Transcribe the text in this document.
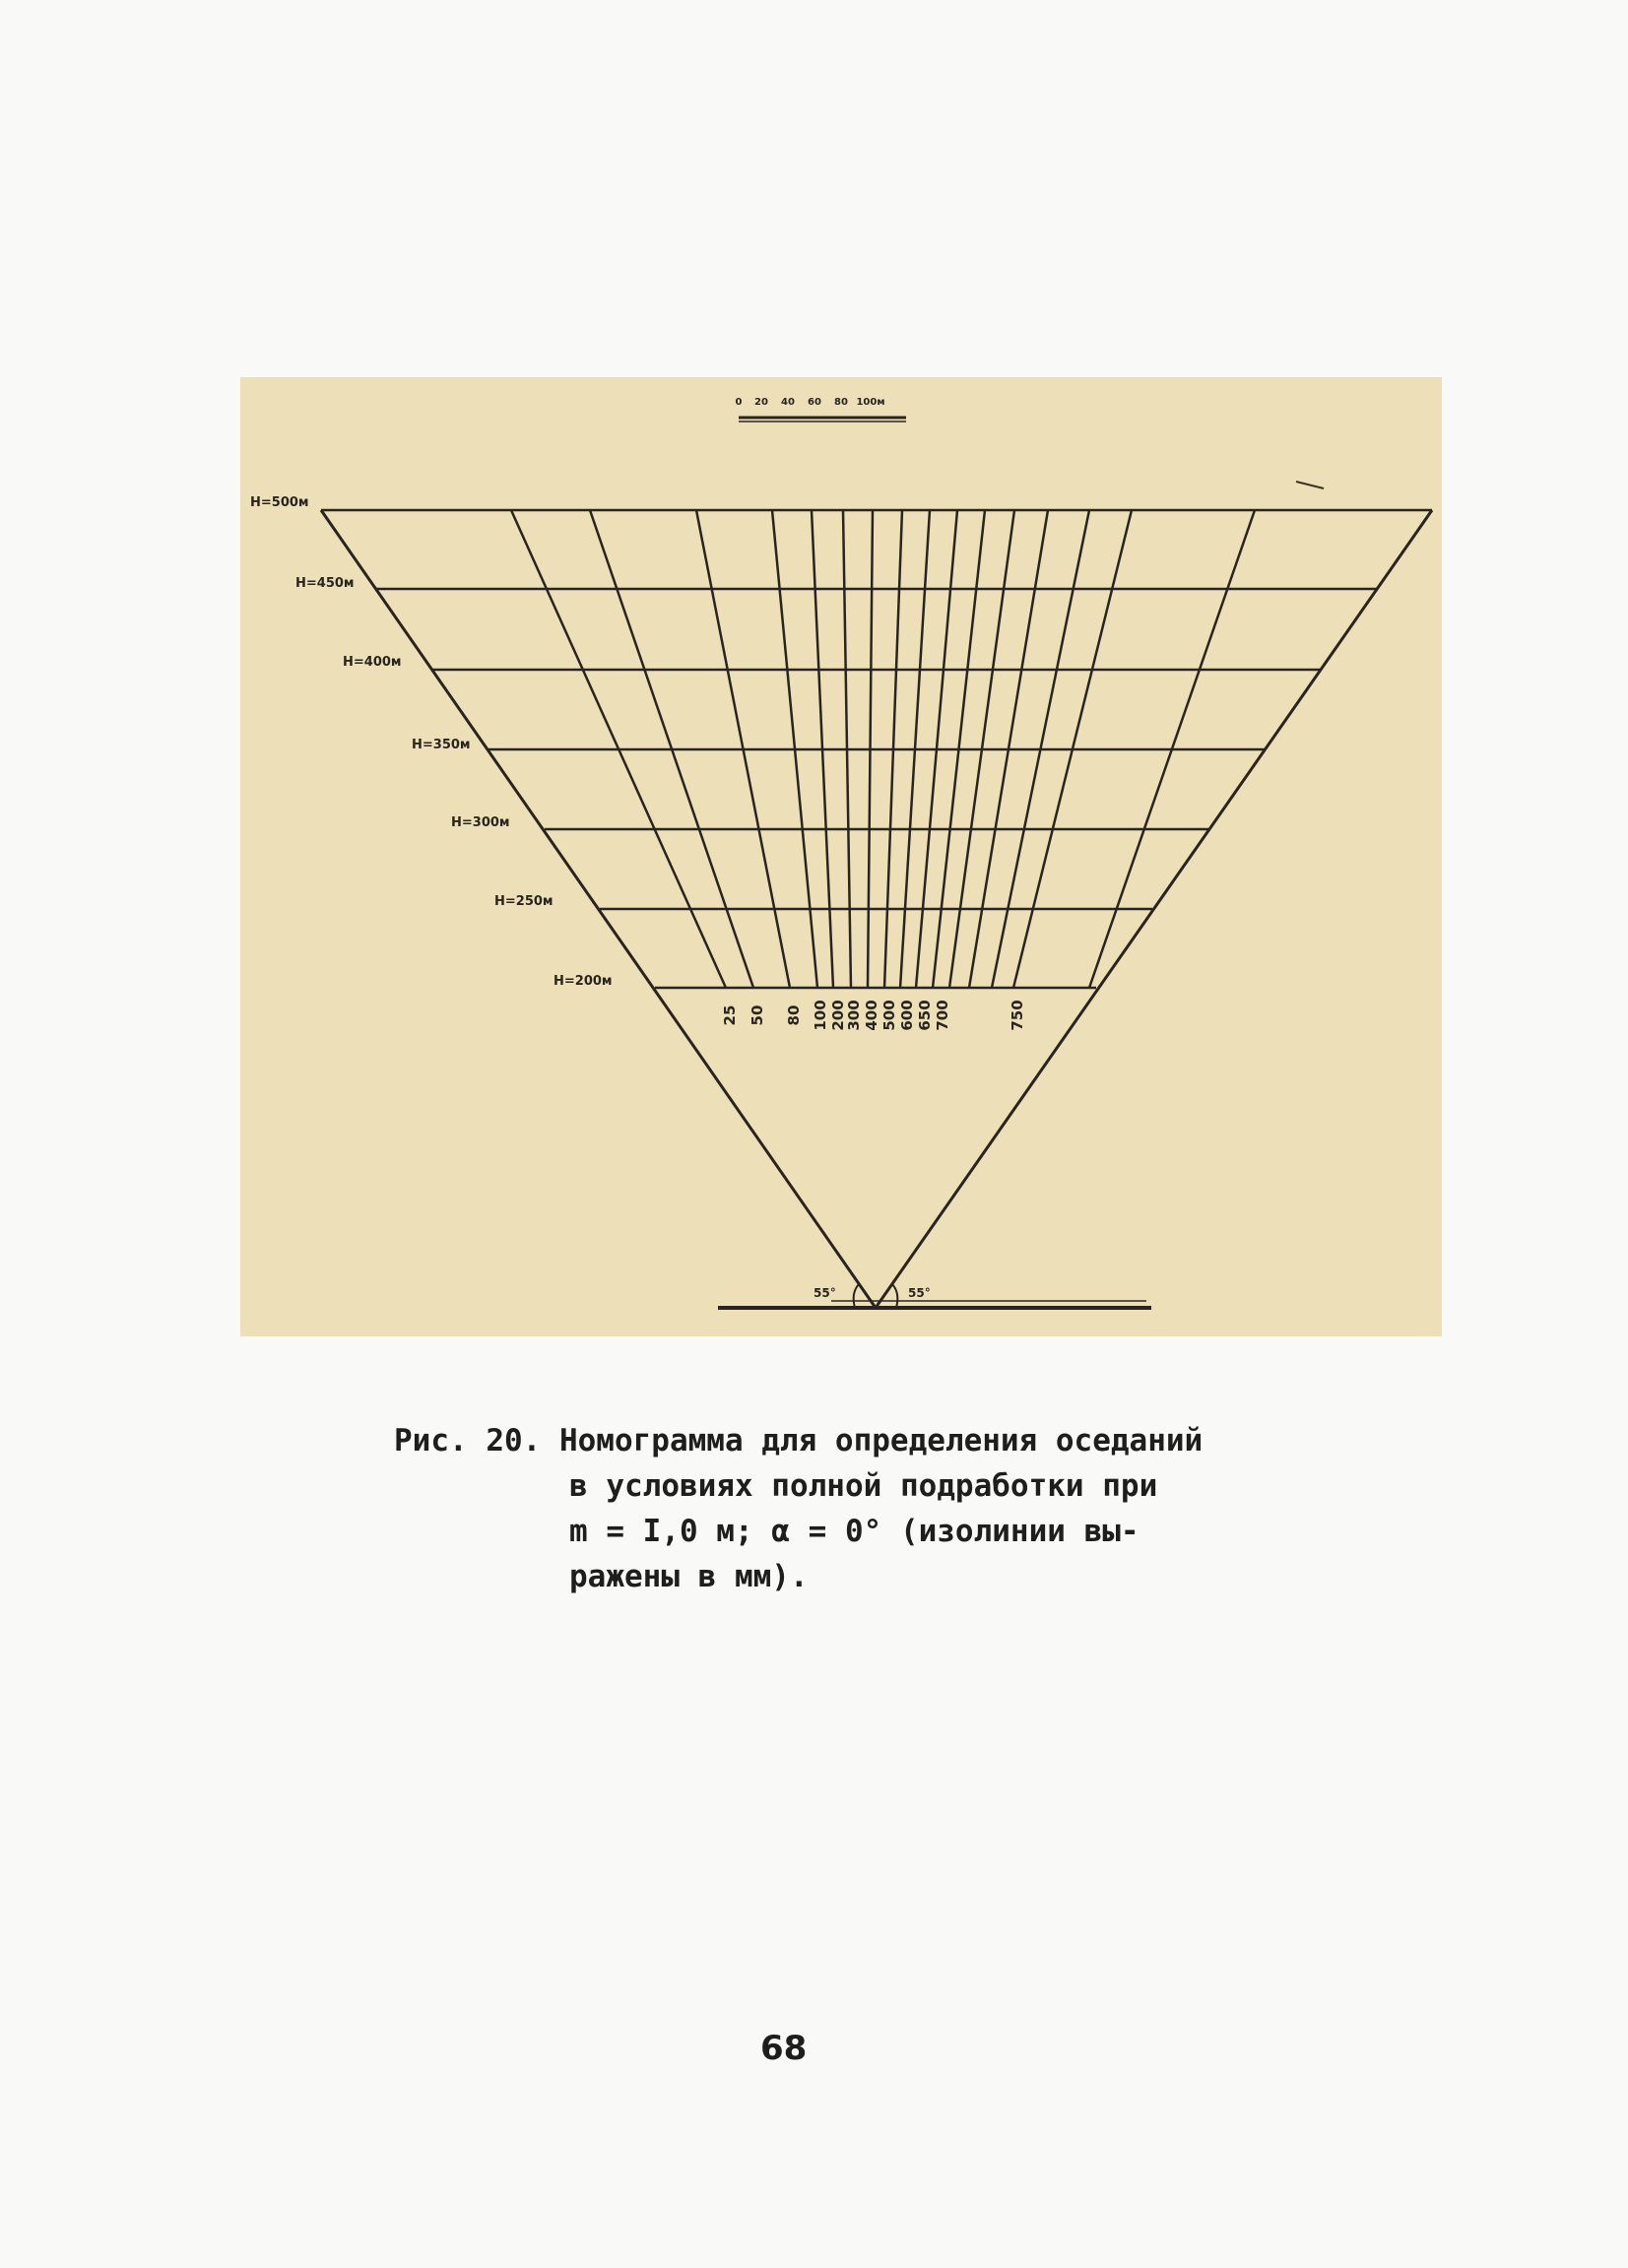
0 20 40 60 80 100м
H=500м
H=450м
H=400м
H=350м
H=300м
H=250м
H=200м
25 50 80 100 200
300 400 500 600 650 700	750
55°	55°
Рис. 20. Номограмма для определения оседаний
в условиях полной подработки при
m = I,0 м; α = 0° (изолинии вы-
ражены в мм).
68
